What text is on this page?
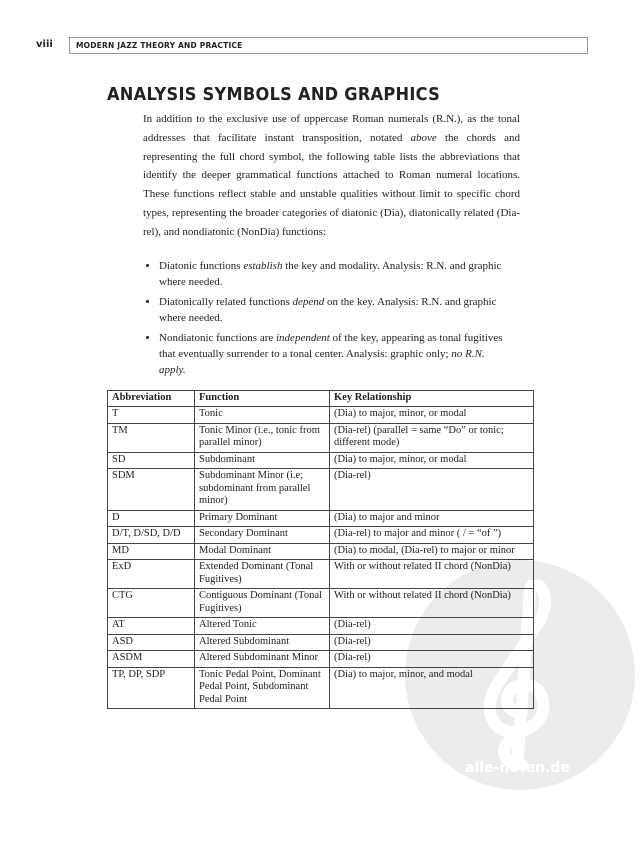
viii	MODERN JAZZ THEORY AND PRACTICE
alle-noten.de
ANALYSIS SYMBOLS AND GRAPHICS

In addition to the exclusive use of uppercase Roman numerals (R.N.), as the tonal addresses that facilitate instant transposition, notated above the chords and representing the full chord symbol, the following table lists the abbreviations that identify the deeper grammatical functions attached to Roman numeral locations. These functions reflect stable and unstable qualities without limit to specific chord types, representing the broader categories of diatonic (Dia), diatonically related (Dia-rel), and nondiatonic (NonDia) functions:

• Diatonic functions establish the key and modality. Analysis: R.N. and graphic where needed.
• Diatonically related functions depend on the key. Analysis: R.N. and graphic where needed.
• Nondiatonic functions are independent of the key, appearing as tonal fugitives that eventually surrender to a tonal center. Analysis: graphic only; no R.N. apply.
Abbreviation	Function	Key Relationship
T	Tonic	(Dia) to major, minor, or modal
TM	Tonic Minor (i.e., tonic from parallel minor)	(Dia-rel) (parallel = same “Do” or tonic; different mode)
SD	Subdominant	(Dia) to major, minor, or modal
SDM	Subdominant Minor (i.e; subdominant from parallel minor)	(Dia-rel)
D	Primary Dominant	(Dia) to major and minor
D/T, D/SD, D/D	Secondary Dominant	(Dia-rel) to major and minor ( / = “of ”)
MD	Modal Dominant	(Dia) to modal, (Dia-rel) to major or minor
ExD	Extended Dominant (Tonal Fugitives)	With or without related II chord (NonDia)
CTG	Contiguous Dominant (Tonal Fugitives)	With or without related II chord (NonDia)
AT	Altered Tonic	(Dia-rel)
ASD	Altered Subdominant	(Dia-rel)
ASDM	Altered Subdominant Minor	(Dia-rel)
TP, DP, SDP	Tonic Pedal Point, Dominant Pedal Point, Subdominant Pedal Point	(Dia) to major, minor, and modal
